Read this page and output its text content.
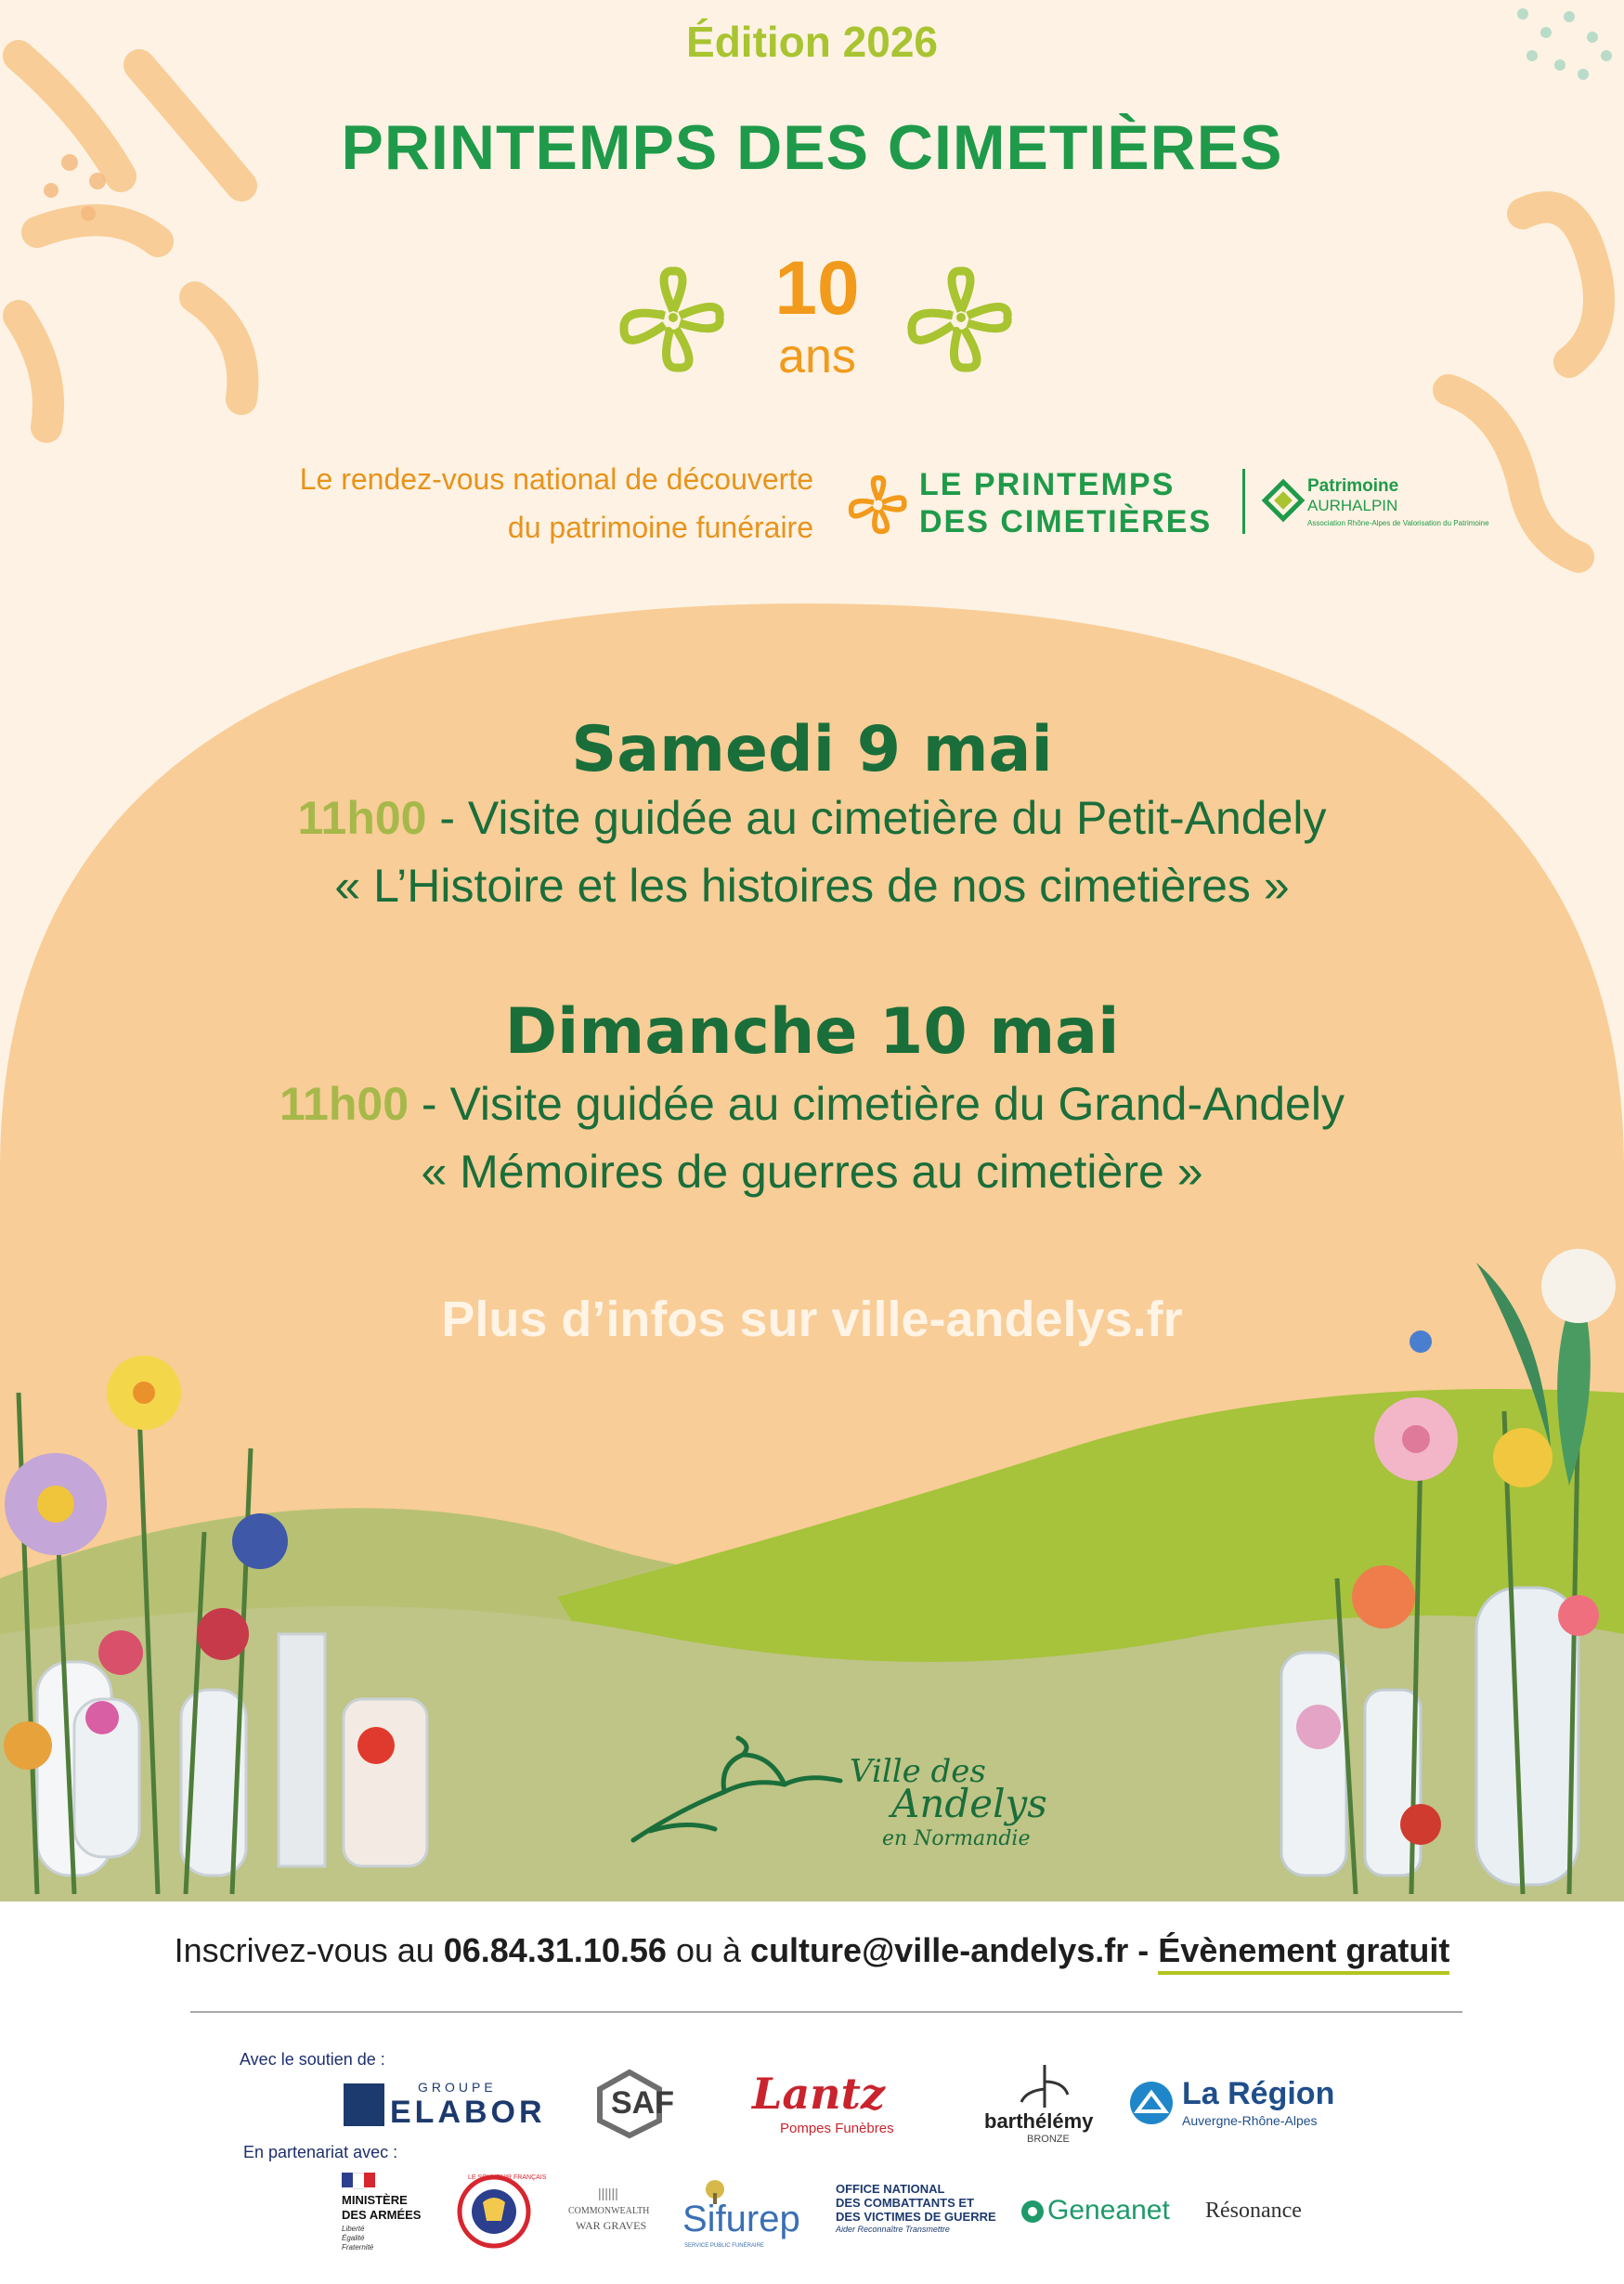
Édition 2026
PRINTEMPS DES CIMETIÈRES
10
ans
Le rendez-vous national de découverte
du patrimoine funéraire
LE PRINTEMPS
DES CIMETIÈRES
Patrimoine
AURHALPIN
Association Rhône-Alpes de Valorisation du Patrimoine
Samedi 9 mai
11h00 - Visite guidée au cimetière du Petit-Andely
« L’Histoire et les histoires de nos cimetières »
Dimanche 10 mai
11h00 - Visite guidée au cimetière du Grand-Andely
« Mémoires de guerres au cimetière »
Plus d’infos sur ville-andelys.fr
Ville des
Andelys
en Normandie
Inscrivez-vous au 06.84.31.10.56 ou à culture@ville-andelys.fr - Évènement gratuit
Avec le soutien de :
GROUPE
ELABOR SAF Lantz
Pompes Funèbres	barthélémy
BRONZE
La Région
Auvergne-Rhône-Alpes
En partenariat avec :
MINISTÈRE
DES ARMÉES
Liberté
Égalité
Fraternité
LE SOUVENIR FRANÇAIS
||||||
COMMONWEALTH
WAR GRAVES Sifurep
SERVICE PUBLIC FUNÉRAIRE
OFFICE NATIONAL
DES COMBATTANTS ET
DES VICTIMES DE GUERRE
Aider Reconnaître Transmettre
Geneanet Résonance
